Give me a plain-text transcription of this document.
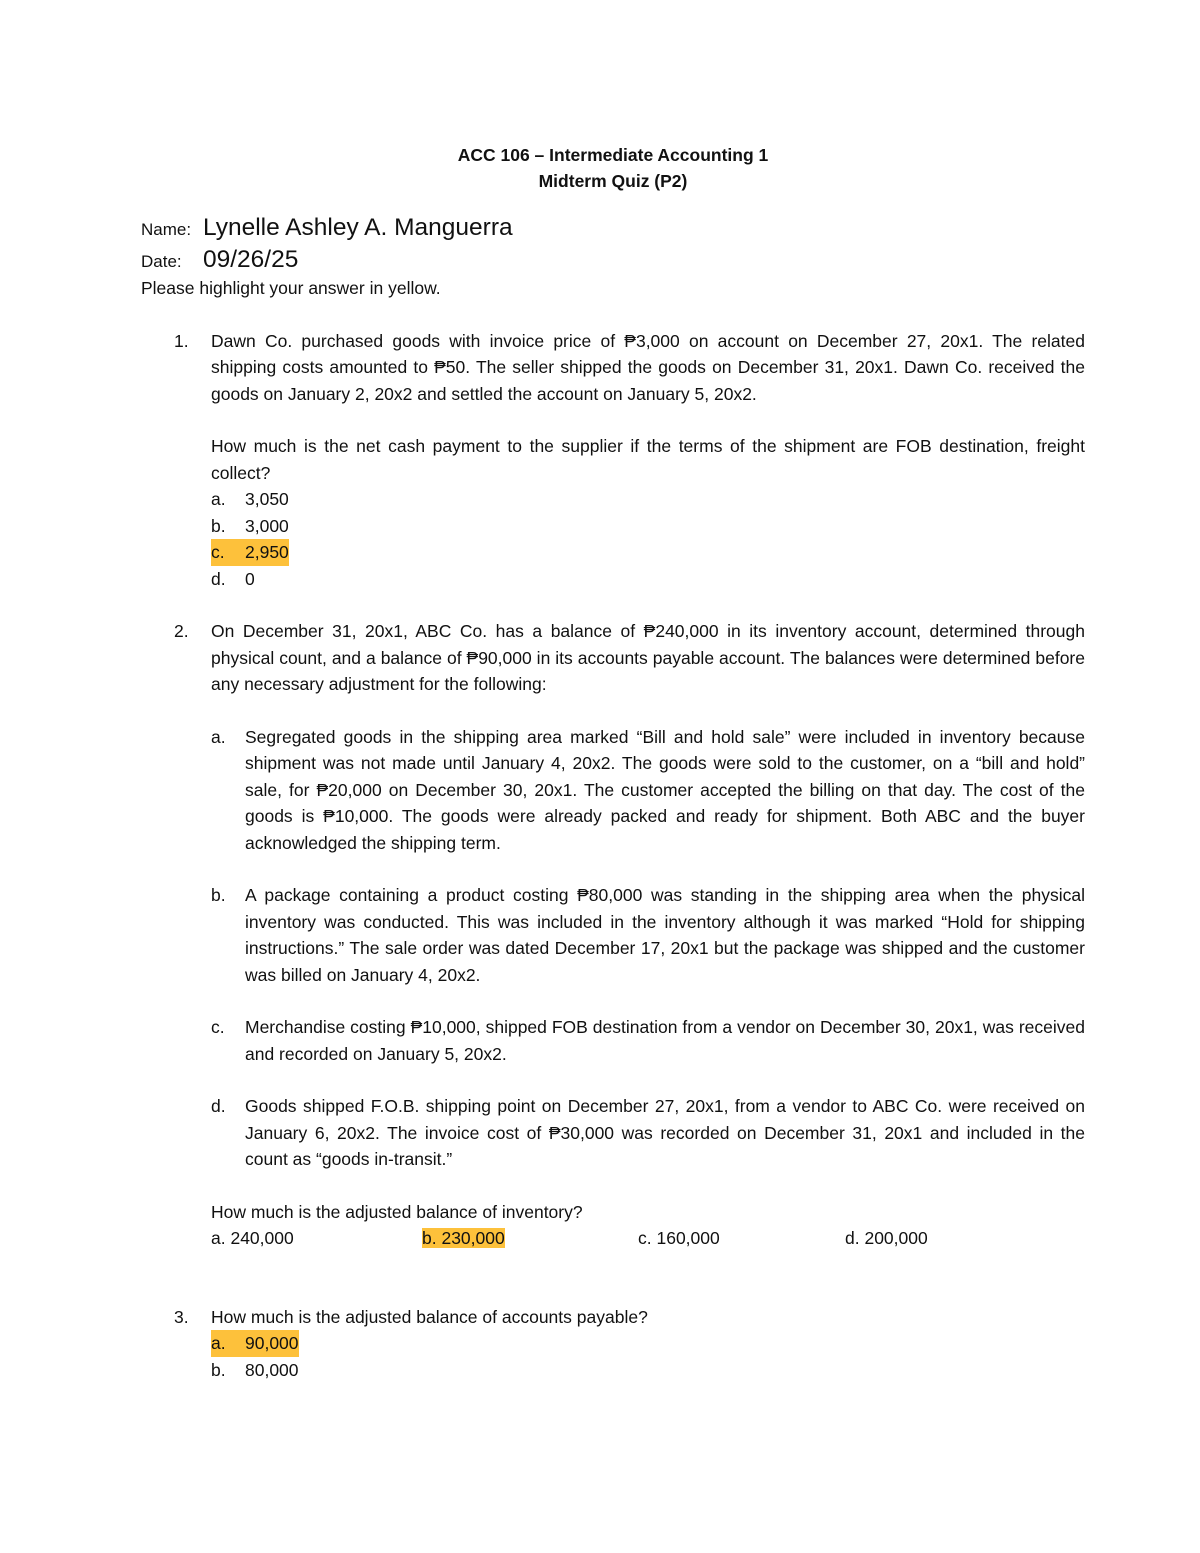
ACC 106 – Intermediate Accounting 1
Midterm Quiz (P2)
Name: Lynelle Ashley A. Manguerra
Date: 09/26/25

Please highlight your answer in yellow.

1.	Dawn Co. purchased goods with invoice price of ₱3,000 on account on December 27, 20x1. The related shipping costs amounted to ₱50. The seller shipped the goods on December 31, 20x1. Dawn Co. received the goods on January 2, 20x2 and settled the account on January 5, 20x2.

How much is the net cash payment to the supplier if the terms of the shipment are FOB destination, freight collect?

a.	3,050
b.	3,000
c. 2,950
d.	0
2.	On December 31, 20x1, ABC Co. has a balance of ₱240,000 in its inventory account, determined through physical count, and a balance of ₱90,000 in its accounts payable account. The balances were determined before any necessary adjustment for the following:

a.	Segregated goods in the shipping area marked “Bill and hold sale” were included in inventory because shipment was not made until January 4, 20x2. The goods were sold to the customer, on a “bill and hold” sale, for ₱20,000 on December 30, 20x1. The customer accepted the billing on that day. The cost of the goods is ₱10,000. The goods were already packed and ready for shipment. Both ABC and the buyer acknowledged the shipping term.
b.	A package containing a product costing ₱80,000 was standing in the shipping area when the physical inventory was conducted. This was included in the inventory although it was marked “Hold for shipping instructions.” The sale order was dated December 17, 20x1 but the package was shipped and the customer was billed on January 4, 20x2.
c.	Merchandise costing ₱10,000, shipped FOB destination from a vendor on December 30, 20x1, was received and recorded on January 5, 20x2.
d.	Goods shipped F.O.B. shipping point on December 27, 20x1, from a vendor to ABC Co. were received on January 6, 20x2. The invoice cost of ₱30,000 was recorded on December 31, 20x1 and included in the count as “goods in-transit.”

How much is the adjusted balance of inventory?

a. 240,000	b. 230,000	c. 160,000	d. 200,000
3.	How much is the adjusted balance of accounts payable?

a. 90,000
b.	80,000
